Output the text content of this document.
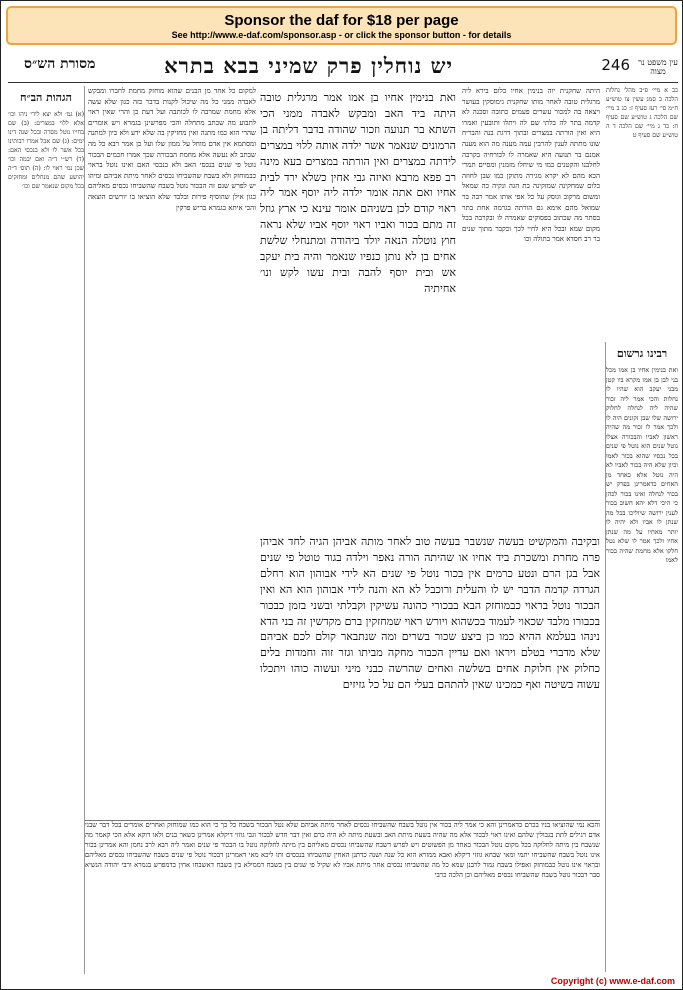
Sponsor the daf for $18 per page
See http://www.e-daf.com/sponsor.asp - or click the sponsor button - for details
246
יש נוחלין פרק שמיני בבא בתרא
מסורת הש״ס	עין משפט נר מצוה
כב א מיי׳ פ״ב מהל׳ נחלות הלכה ב סמג עשין צו טוש״ע ח״מ סי׳ רעז סעיף ז: כג ב מיי׳ שם הלכה ג טוש״ע שם סעיף ח: כד ג מיי׳ שם הלכה ד ה טוש״ע שם סעיף ט
רבינו גרשום
ואת בנימין אחיו בן אמו מכל בני לבן בן אמו מקרא ביו קטן מבני יעקב הוא שהיו לו נחלות והכי אמר ליה זכור שהיה ליה לנחלה לחלוק ירושה שלו שבן זקונים היה לו ולכך אמר לו זכור מה שהיה ראשון לאביו והבכורה אצלו נוטל שנים הוא נוטל פי שנים בכל נכסיו שהוא בכור לאמו וכיון שלא היה בכור לאביו לא היה נוטל אלא כאחד מן האחים כדאמרינן בפרק יש בכור לנחלה ואינו בכור לכהן כי היכי דלא יהא חשוב בכור לענין ירושה שיוליכו בכל מה שנתן לו אביו ולא יהיה לו יותר מאחיו על מה שנתן אחיו ולכך אמר לו שלא נטל חלקו אלא מחמת שהיה בכור לאמו
היתה שחקנית יוה בנימין אחיו כלום בירא ליה מרגלית טובה לאחר מותו שחקנית גימוסקין בעושר ויצאה בה למכור עשרים פעמים כתובה וסכנה לא קדמה בתר לה בלתי שם לה ויתלו ותובעין ואמרו היא ואין הורתה במצרים ובתוך דרגת בנה והבריח שונו מתתה לענין להרבין עמה מענה מה הוא מענה אמנם בר תנועה היא שאמרה לו לכורחיה בקרבה לחלבנו והקטנים כמו מי שיחלו מזמנין ומסיים תמרי הכא מהם לא יקרא מגירה מתוקן כמו שבן לחוזה כלום שמחקינה שמזקינה בת הגה ונקיה כה שמאל ומשום מרקוב וגוסק על כל אפי אותו אמר רבה בר שמואל מהם אימא גם הורתה בגרמה אחת בתר בסתר מה שכתוב בפסוקים שאמרה לו ובקרבה בכל מקום שמא ובכל היא לחיי לכך וכקבר מתוך שנים בר רב חסדא אמר בתולה וכו
ואת בנימין אחיו בן אמו אמר מרגלית טובה היתה ביד האב ומבקש לאבדה ממני הכי השתא בר תנועה וזכור שהודה בדבר דליתה בן הרמונים שנאמר אשר ילדה אותה ללוי במצרים לידתה במצרים ואין הורתה במצרים בעא מינה רב פפא מרבא ואיזה גבי אחין כשלא ירד לבית אחיו ואם אתה אומר ילדה ליה יוסף אמר ליה ראוי קודם לכן בשניהם אומר עינא כי ארץ גוזל זה מתם בכור ואביו ראוי יוסף אביו שלא נראה חוץ נוטלה הנאה יולד ביהודה ומתנחלי שלשת אחים בן לא נותן כנפיו שנאמר והיה בית יעקב אש ובית יוסף להבה ובית עשו לקש ונו׳ אחיתיה
ובקיבה והמקשיט בעשה שנשבר בעשה טוב לאחר מותה אביהן הגיה לחד אביהן פרה מחרת ומשכרת ביד אחיו או שהיתה הורה נאפר וילדה בגוד טוטל פי שנים אבל בגן הרם ונטע כרמים אין בכור נוטל פי שנים הא לידי אבוהון הוא רחלם הגרדה קדמה הדבר יש לו והעלית ורוכבל לא הא והנה לידי אבוהון הוא הא ואין הבכור נוטל בראוי כבמוחזק הבא בבכורי כהונה עשיקין וקבלתי ובשני בזמן כבכור בכבורו מלבד שכאוי לעמוד בכשהוא ויורש ראוי שמחזקין ברם מקדשין זה בני הדא נינהו בעלמא ההיא כמו כן ביצע שכור בשרים ומה שנתבאר קולם לכם אביהם שלא מדברי בטלם ויראו ואם עדיין הכבור מחקה מביתו וגזר זוה וחמדות בלים כחלוק אין חלוקת אחים בשלשה ואחים שהרשה כבני מיני ועשוה כוהו ויתכלו עשוה בשיטה ואף כמכינו שאין להתהם בעלי הם על כל גזיזים
למקום כל אחד מן הבנים שהוא מוחזק מחמת לחברו ומבקש לאבדה ממני כל מה שיכול לקנות בדבר כזה כגון שלא עשה אלא מחמת שמרבה לו לכותבה ועל דעת כן והרי שאין ראוי לתבוע מה שכתב מתחלה והכי מפרשינן בגמרא ויש אומרים שהרי הוא כמו מתנה ואין מחזיקין בה שלא ידע ולא כיון למתנה ומסתמא אין אדם מוחל על ממון שלו ועל כן אמר רבא כל מה שכתב לא נעשה אלא מחמת הבכורה שכך אמרו חכמים הבכור נוטל פי שנים בנכסי האב ולא בנכסי האם ואינו נוטל בראוי כבמוחזק ולא בשבח שהשביחו נכסים לאחר מיתת אביהם ומיהו יש לפרש שגם זה הבכור נוטל בשבח שהשביחו נכסים מאליהם כגון אילן שהוסיף פירות ובלבד שלא הוציאו בו יורשים הוצאה והכי איתא בגמרא בריש פרקין
הגהות הב״ח
(א) גמ׳ ולא יצא לידי ניהו וכו׳ אלא ללוי במצרים: (ב) שם בחייו נוטל מסרה ובכל שנה דינו ימים: (ג) שם אבל אמרו רבותינו בכל אשר לו ולא בנכסי האם: (ד) רש״י ד״ה ואם יבמה וכו׳ שכן נמי ראוי לו: (ה) תוס׳ ד״ה יהושע שהם מנחלים ומחזקים בכל מקום שנאמר שם וכו׳
והכא נמי שהוציאו בניו בכרם כדאמרינן והא כי אמר ליה בכור אין נוטל בשבח שהשביחו נכסים לאחר מיתת אביהם שלא נטל הבכור בשבח כל כך כי הוא כמו שמוחזק ואחרים אומרים בכל דבר שבני אדם רגילים לתת בגבולין שלהם ואינו ראוי לבכור אלא מה שהיה בשעת מיתת האב ובשעת מיתה לא היה כרם ואין דבר חדש לבכור וגבי גוזזי דיקלא אמרינן כשאר בנים ולאו דוקא אלא הכי קאמר מה שנשבח בין מיתה לחלוקה בכל מקום נוטל הבכור כאחד מן הפשוטים ויש לפרש דשבח שהשביחו נכסים מאליהם בין מיתה לחלוקה נוטל בו הבכור פי שנים ואמר ליה רבא לרב נחמן והא אמרינן בכור אינו נוטל בשבח שהשביחו יתמי ומאי שבחא גוזזי דיקלא ואבא ממזרא הוא כל שנה ושנה כדתנן האחין שהשביחו בנכסים ותו ליכא מאי דאמרינן דבכור נוטל פי שנים בשבח שהשביחו נכסים מאליהם ובראוי אינו נוטל כבמוחזק ואפילו בשבח גמור לרבנן שמא כל מה שהשביחו נכסים אחר מיתת אביו לא שקיל פי שנים בין בשבח דממילא בין בשבח דאשבחו אחין כדמפרש בגמרא ורבי יהודה הנשיא סבר דבכור נוטל בשבח שהשביחו נכסים מאליהם וכן הלכה כרבי
Copyright (c) www.e-daf.com
